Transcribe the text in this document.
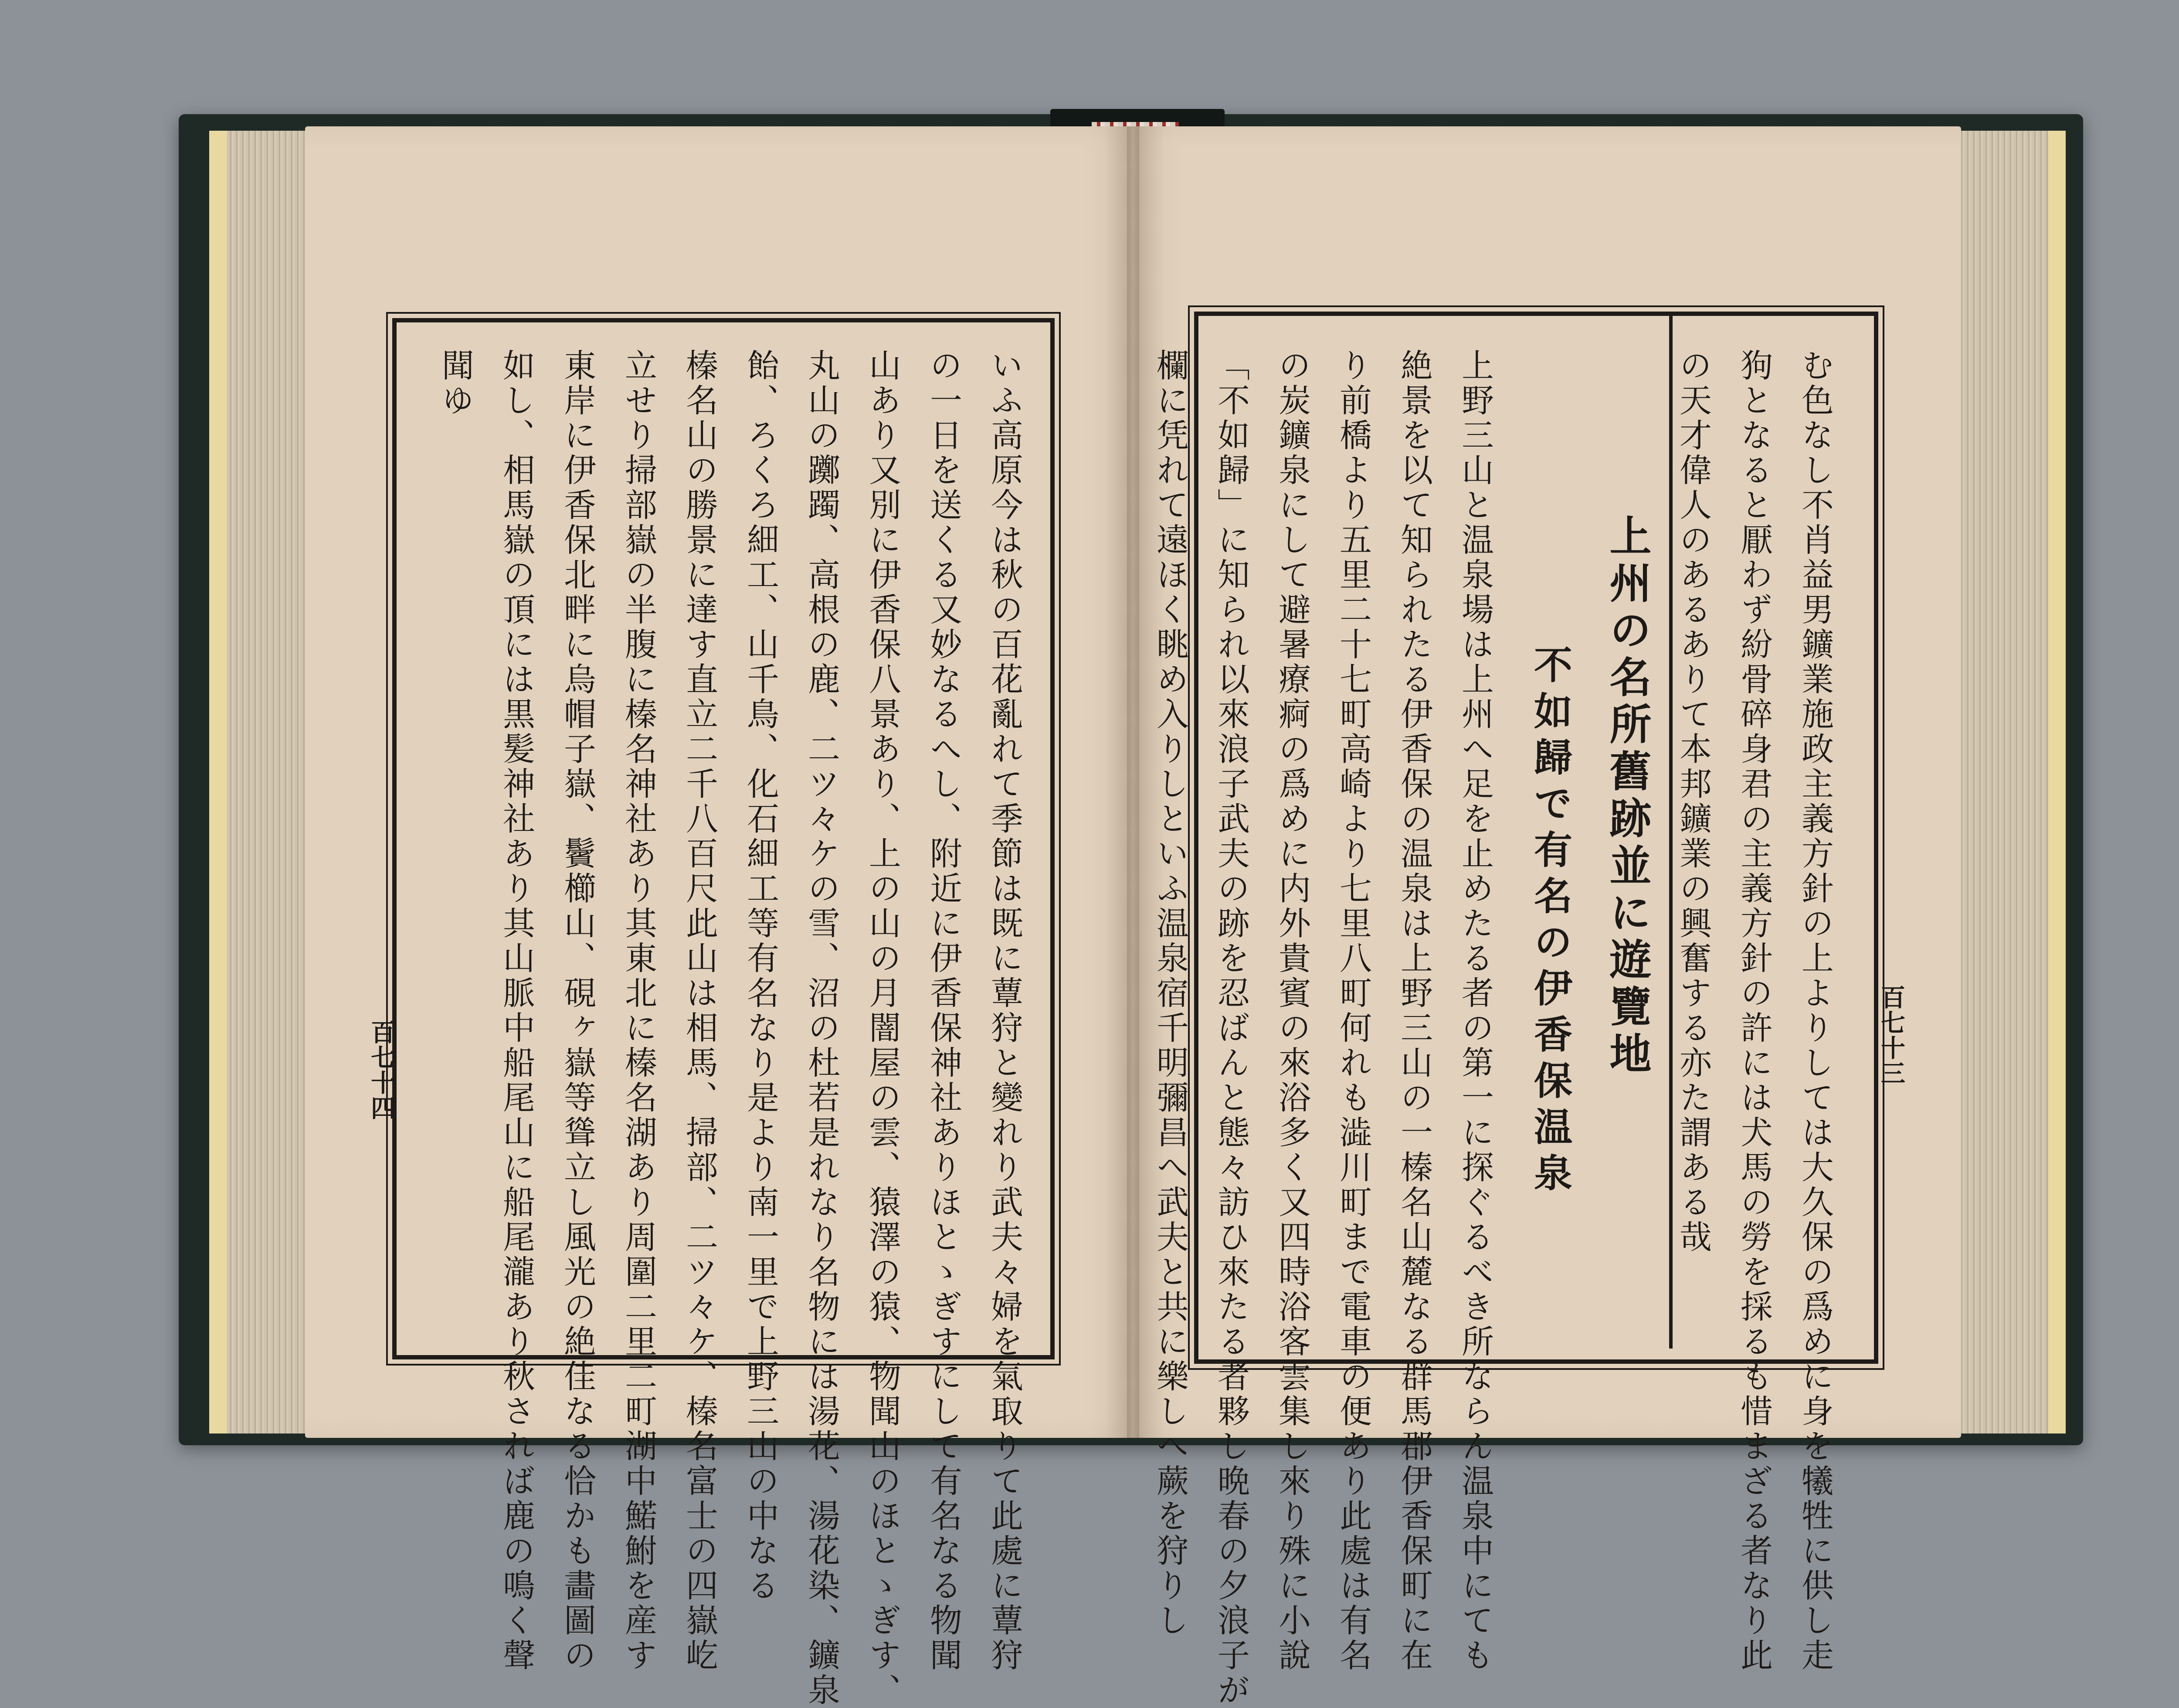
いふ高原今は秋の百花亂れて季節は既に蕈狩と變れり武夫々婦を氣取りて此處に蕈狩
の一日を送くる又妙なるへし、附近に伊香保神社ありほとゝぎすにして有名なる物聞
山あり又別に伊香保八景あり、上の山の月闇屋の雲、猿澤の猿、物聞山のほとゝぎす、
丸山の躑躅、高根の鹿、二ツ々ケの雪、沼の杜若是れなり名物には湯花、湯花染、鑛泉
飴、ろくろ細工、山千鳥、化石細工等有名なり是より南一里で上野三山の中なる
榛名山の勝景に達す直立二千八百尺此山は相馬、掃部、二ツ々ケ、榛名富士の四嶽屹
立せり掃部嶽の半腹に榛名神社あり其東北に榛名湖あり周圍二里二町湖中鰙鮒を産す
東岸に伊香保北畔に烏帽子嶽、鬢櫛山、硯ヶ嶽等聳立し風光の絶佳なる恰かも畵圖の
如し、相馬嶽の頂には黒髪神社あり其山脈中船尾山に船尾瀧あり秋されば鹿の鳴く聲
聞ゆ
百七十四	む色なし不肖益男鑛業施政主義方針の上よりしては大久保の爲めに身を犧牲に供し走
狗となると厭わず紛骨碎身君の主義方針の許には犬馬の勞を採るも惜まざる者なり此
の天才偉人のあるありて本邦鑛業の興奮する亦た謂ある哉
上州の名所舊跡並に遊覽地
不如歸で有名の伊香保温泉
上野三山と温泉場は上州へ足を止めたる者の第一に探ぐるべき所ならん温泉中にても
絶景を以て知られたる伊香保の温泉は上野三山の一榛名山麓なる群馬郡伊香保町に在
り前橋より五里二十七町高崎より七里八町何れも澁川町まで電車の便あり此處は有名
の炭鑛泉にして避暑療痾の爲めに内外貴賓の來浴多く又四時浴客雲集し來り殊に小說
「不如歸」に知られ以來浪子武夫の跡を忍ばんと態々訪ひ來たる者夥し晩春の夕浪子が
欄に凭れて遠ほく眺め入りしといふ温泉宿千明彌昌へ武夫と共に樂しへ蕨を狩りし	百七十三
